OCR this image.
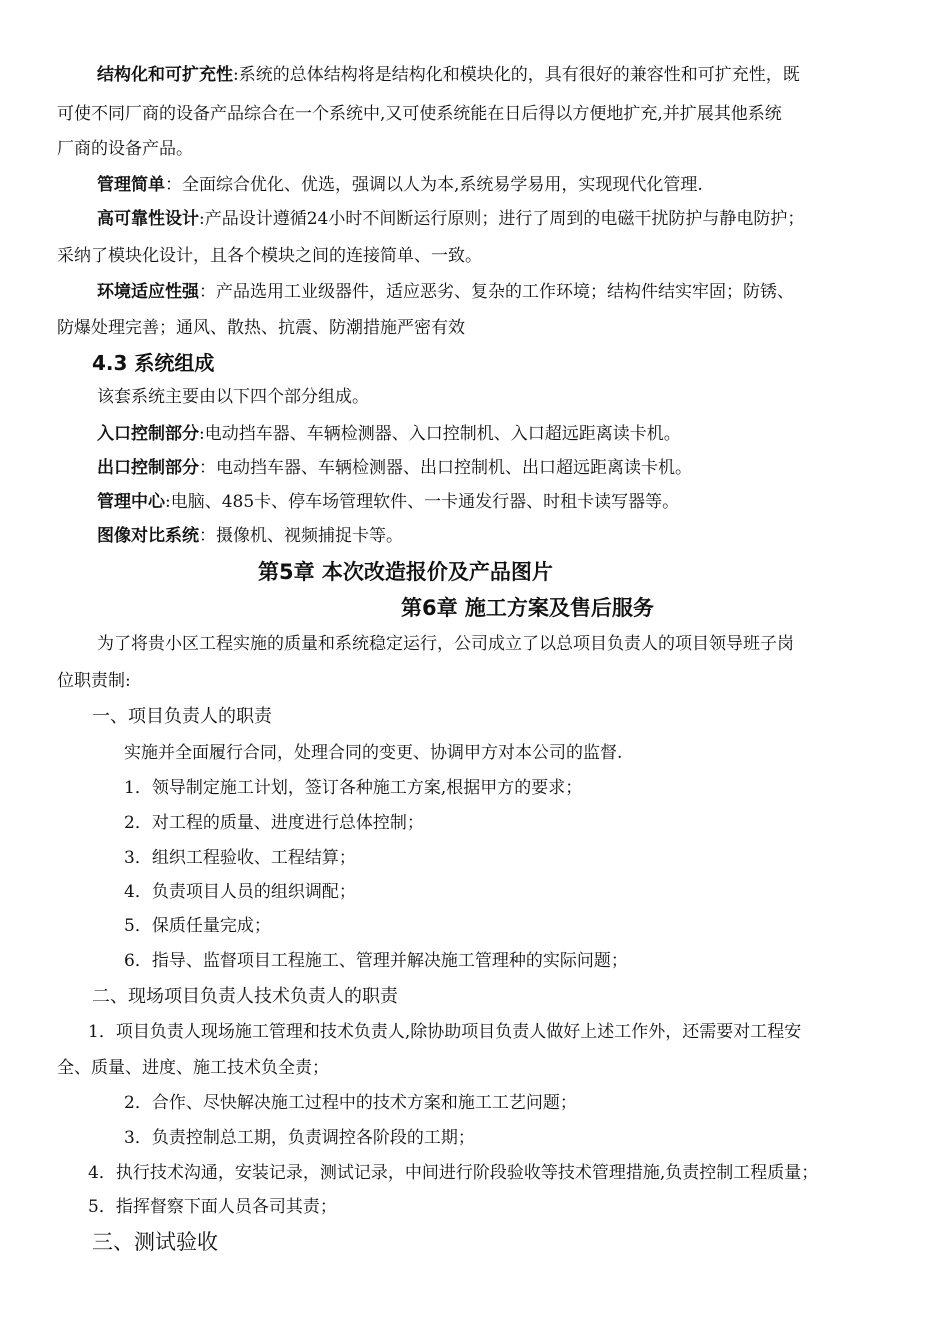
结构化和可扩充性:系统的总体结构将是结构化和模块化的，具有很好的兼容性和可扩充性，既
可使不同厂商的设备产品综合在一个系统中,又可使系统能在日后得以方便地扩充,并扩展其他系统
厂商的设备产品。
管理简单：全面综合优化、优选，强调以人为本,系统易学易用，实现现代化管理.
高可靠性设计:产品设计遵循24小时不间断运行原则；进行了周到的电磁干扰防护与静电防护；
采纳了模块化设计，且各个模块之间的连接简单、一致。
环境适应性强：产品选用工业级器件，适应恶劣、复杂的工作环境；结构件结实牢固；防锈、
防爆处理完善；通风、散热、抗震、防潮措施严密有效
4.3 系统组成
该套系统主要由以下四个部分组成。
入口控制部分:电动挡车器、车辆检测器、入口控制机、入口超远距离读卡机。
出口控制部分：电动挡车器、车辆检测器、出口控制机、出口超远距离读卡机。
管理中心:电脑、485卡、停车场管理软件、一卡通发行器、时租卡读写器等。
图像对比系统：摄像机、视频捕捉卡等。
第5章 本次改造报价及产品图片
第6章 施工方案及售后服务
为了将贵小区工程实施的质量和系统稳定运行，公司成立了以总项目负责人的项目领导班子岗
位职责制:
一、项目负责人的职责
实施并全面履行合同，处理合同的变更、协调甲方对本公司的监督.
1．领导制定施工计划，签订各种施工方案,根据甲方的要求；
2．对工程的质量、进度进行总体控制；
3．组织工程验收、工程结算；
4．负责项目人员的组织调配；
5．保质任量完成；
6．指导、监督项目工程施工、管理并解决施工管理种的实际问题；
二、现场项目负责人技术负责人的职责
1．项目负责人现场施工管理和技术负责人,除协助项目负责人做好上述工作外，还需要对工程安
全、质量、进度、施工技术负全责；
2．合作、尽快解决施工过程中的技术方案和施工工艺问题；
3．负责控制总工期，负责调控各阶段的工期；
4．执行技术沟通，安装记录，测试记录，中间进行阶段验收等技术管理措施,负责控制工程质量；
5．指挥督察下面人员各司其责；
三、测试验收
